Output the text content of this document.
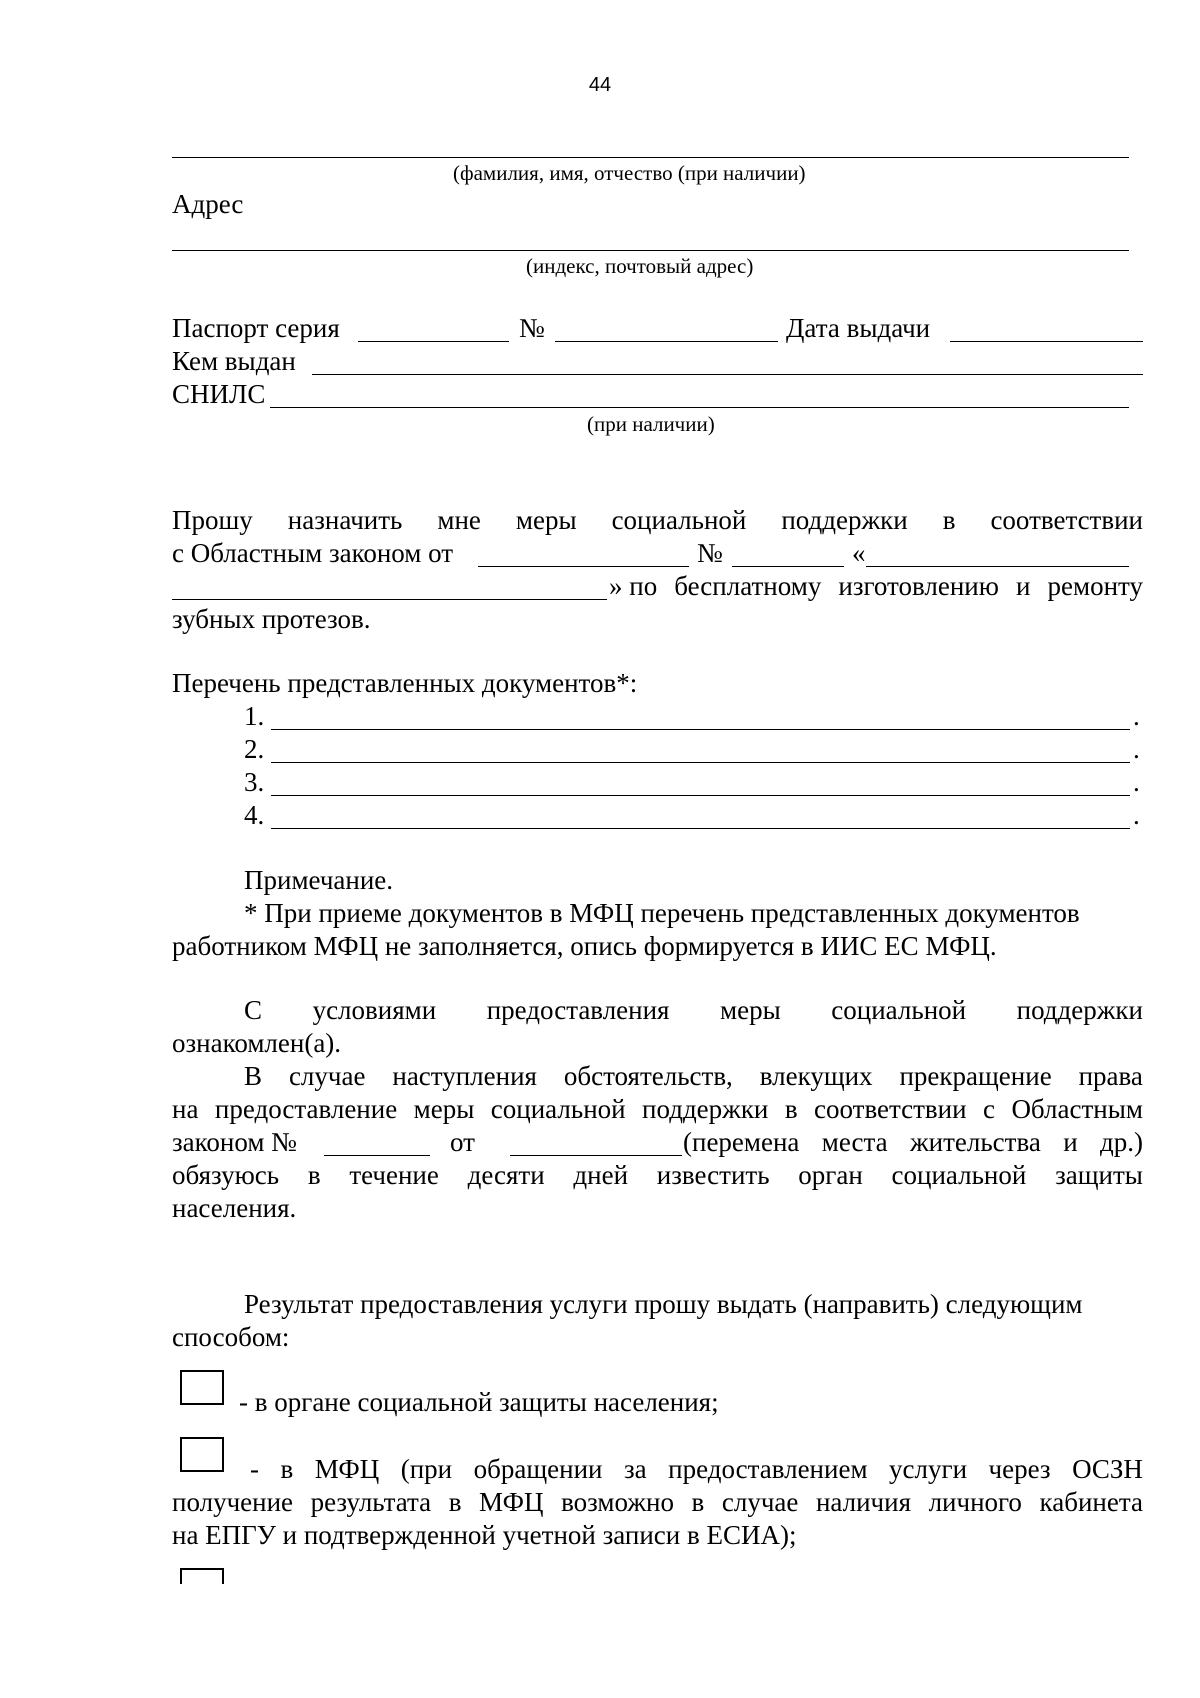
44
(фамилия, имя, отчество (при наличии)
Адрес
(индекс, почтовый адрес)
Паспорт серия	№	Дата выдачи
Кем выдан
СНИЛС
(при наличии)
Прошу назначить мне меры социальной поддержки в соответствии
с Областным законом от	№	«
» по бесплатному изготовлению и ремонту
зубных протезов.
Перечень представленных документов*:
1.	.
2.	.
3.	.
4.	.
Примечание.
* При приеме документов в МФЦ перечень представленных документов
работником МФЦ не заполняется, опись формируется в ИИС ЕС МФЦ.
С условиями предоставления меры социальной поддержки
ознакомлен(а).
В случае наступления обстоятельств, влекущих прекращение права
на предоставление меры социальной поддержки в соответствии с Областным
законом №	от	(перемена места жительства и др.)
обязуюсь в течение десяти дней известить орган социальной защиты
населения.
Результат предоставления услуги прошу выдать (направить) следующим
способом:
- в органе социальной защиты населения;
- в МФЦ (при обращении за предоставлением услуги через ОСЗН
получение результата в МФЦ возможно в случае наличия личного кабинета
на ЕПГУ и подтвержденной учетной записи в ЕСИА);
